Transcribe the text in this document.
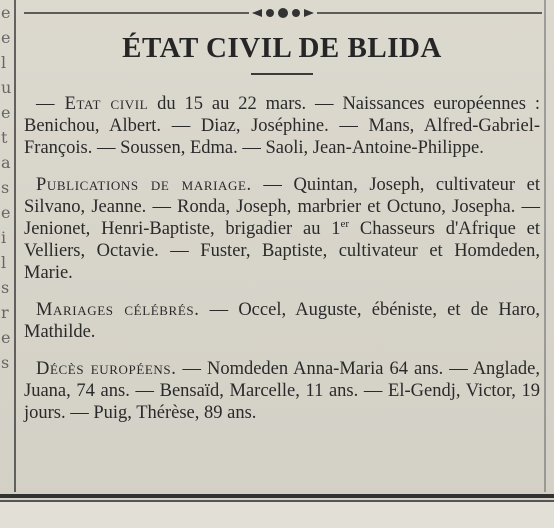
e
e
l
u
e
t
a
s
e
i
l
s
r
e
s
ÉTAT CIVIL DE BLIDA

— Etat civil du 15 au 22 mars. — Naissances européennes : Benichou, Albert. — Diaz, Joséphine. — Mans, Alfred-Gabriel-François. — Soussen, Edma. — Saoli, Jean-Antoine-Philippe.

Publications de mariage. — Quintan, Joseph, cultivateur et Silvano, Jeanne. — Ronda, Joseph, marbrier et Octuno, Josepha. — Jenionet, Henri-Baptiste, brigadier au 1er Chasseurs d'Afrique et Velliers, Octavie. — Fuster, Baptiste, cultivateur et Homdeden, Marie.

Mariages célébrés. — Occel, Auguste, ébéniste, et de Haro, Mathilde.

Décès européens. — Nomdeden Anna-Maria 64 ans. — Anglade, Juana, 74 ans. — Bensaïd, Marcelle, 11 ans. — El-Gendj, Victor, 19 jours. — Puig, Thérèse, 89 ans.
